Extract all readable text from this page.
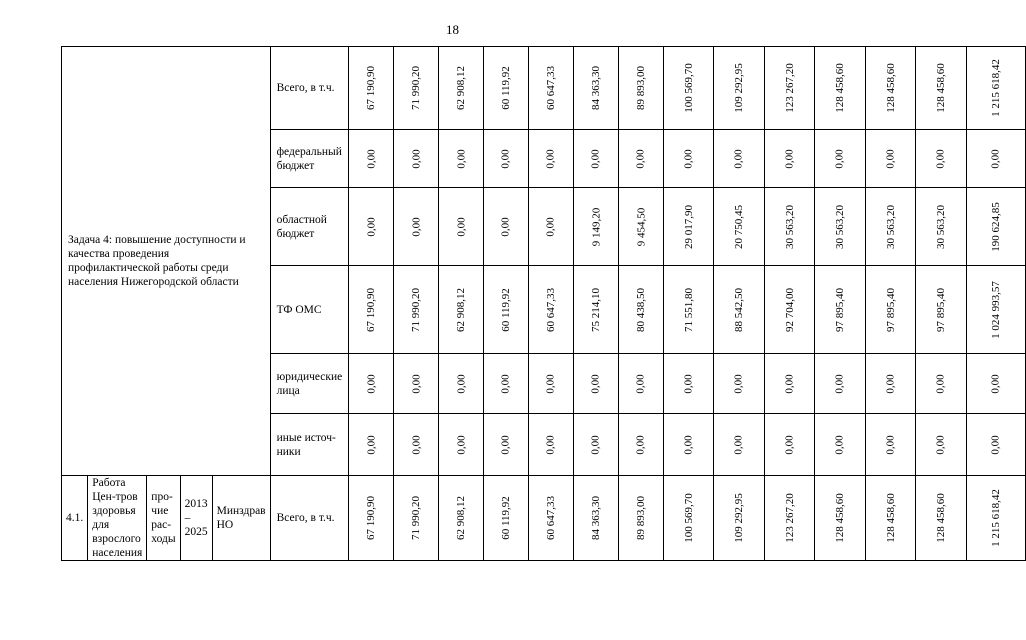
18
Задача 4: повышение доступности и качества проведения профилактической работы среди населения Нижегородской области					Всего, в т.ч.	67 190,90	71 990,20	62 908,12	60 119,92	60 647,33	84 363,30	89 893,00	100 569,70	109 292,95	123 267,20	128 458,60	128 458,60	128 458,60	1 215 618,42
					федеральный бюджет	0,00	0,00	0,00	0,00	0,00	0,00	0,00	0,00	0,00	0,00	0,00	0,00	0,00	0,00
					областной бюджет	0,00	0,00	0,00	0,00	0,00	9 149,20	9 454,50	29 017,90	20 750,45	30 563,20	30 563,20	30 563,20	30 563,20	190 624,85
					ТФ ОМС	67 190,90	71 990,20	62 908,12	60 119,92	60 647,33	75 214,10	80 438,50	71 551,80	88 542,50	92 704,00	97 895,40	97 895,40	97 895,40	1 024 993,57
					юридические лица	0,00	0,00	0,00	0,00	0,00	0,00	0,00	0,00	0,00	0,00	0,00	0,00	0,00	0,00
					иные источ-ники	0,00	0,00	0,00	0,00	0,00	0,00	0,00	0,00	0,00	0,00	0,00	0,00	0,00	0,00
4.1.	Работа Цен-тров здоровья для взрослого населения	про-чие рас-ходы	2013 – 2025	Минздрав НО	Всего, в т.ч.	67 190,90	71 990,20	62 908,12	60 119,92	60 647,33	84 363,30	89 893,00	100 569,70	109 292,95	123 267,20	128 458,60	128 458,60	128 458,60	1 215 618,42
